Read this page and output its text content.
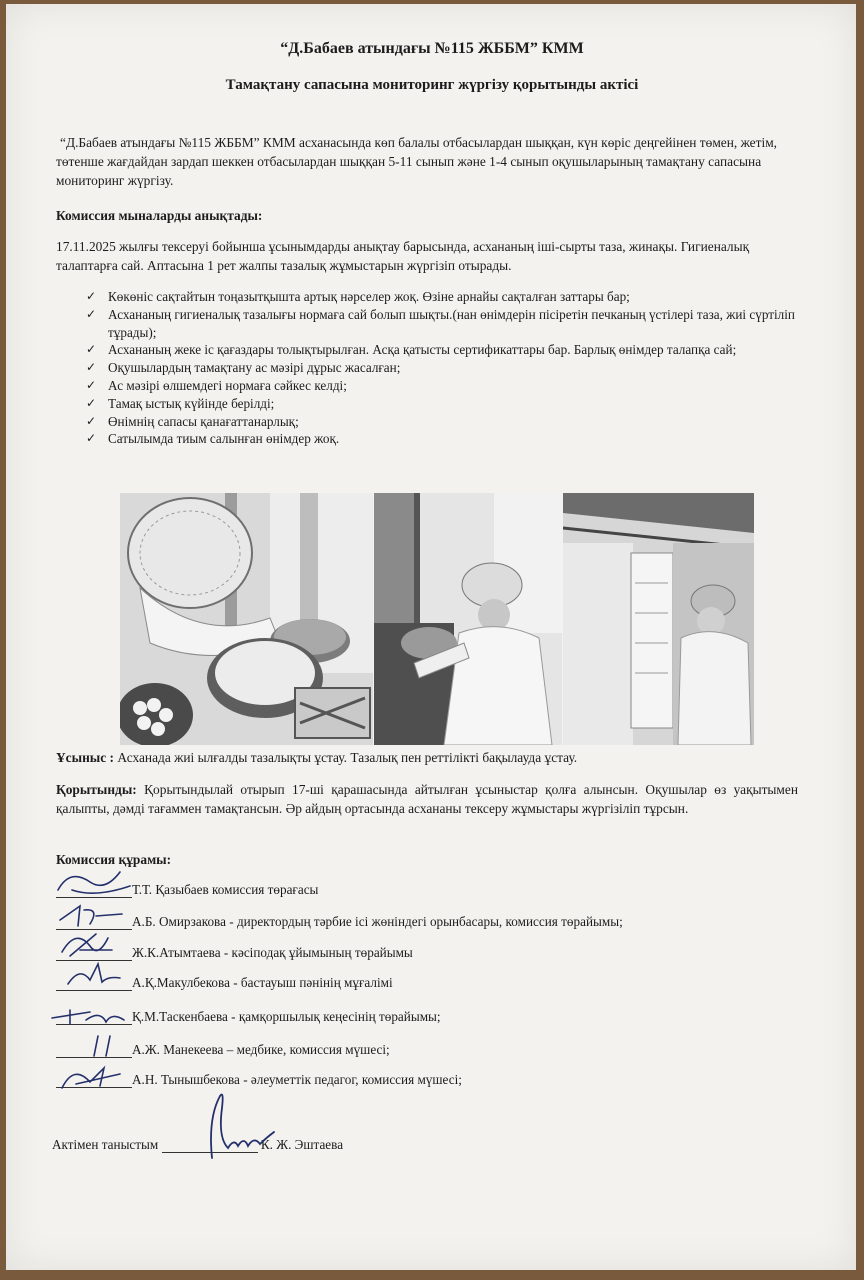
“Д.Бабаев атындағы №115 ЖББМ” КММ
Тамақтану сапасына мониторинг жүргізу қорытынды актісі
“Д.Бабаев атындағы №115 ЖББМ” КММ асханасында көп балалы отбасылардан шыққан, күн көріс деңгейінен төмен, жетім, төтенше жағдайдан зардап шеккен отбасылардан шыққан 5-11 сынып және 1-4 сынып оқушыларының тамақтану сапасына мониторинг жүргізу.
Комиссия мыналарды анықтады:
17.11.2025 жылғы тексеруі бойынша ұсынымдарды анықтау барысында, асхананың іші-сырты таза, жинақы. Гигиеналық талаптарға сай. Аптасына 1 рет жалпы тазалық жұмыстарын жүргізіп отырады.
✓ Көкөніс сақтайтын тоңазытқышта артық нәрселер жоқ. Өзіне арнайы сақталған заттары бар;
✓ Асхананың гигиеналық тазалығы нормаға сай болып шықты.(нан өнімдерін пісіретін печканың үстілері таза, жиі сүртіліп тұрады);
✓ Асхананың жеке іс қағаздары толықтырылған. Асқа қатысты сертификаттары бар. Барлық өнімдер талапқа сай;
✓ Оқушылардың тамақтану ас мәзірі дұрыс жасалған;
✓ Ас мәзірі өлшемдегі нормаға сәйкес келді;
✓ Тамақ ыстық күйінде берілді;
✓ Өнімнің сапасы қанағаттанарлық;
✓ Сатылымда тиым салынған өнімдер жоқ.
Ұсыныс : Асханада жиі ылғалды тазалықты ұстау. Тазалық пен реттілікті бақылауда ұстау.
Қорытынды: Қорытындылай отырып 17-ші қарашасында айтылған ұсыныстар қолға алынсын. Оқушылар өз уақытымен қалыпты, дәмді тағаммен тамақтансын. Әр айдың ортасында асхананы тексеру жұмыстары жүргізіліп тұрсын.
Комиссия құрамы:
Т.Т. Қазыбаев комиссия төрағасы
А.Б. Омирзакова - директордың тәрбие ісі жөніндегі орынбасары, комиссия төрайымы;
Ж.К.Атымтаева - кәсіподақ ұйымының төрайымы
А.Қ.Макулбекова - бастауыш пәнінің мұғалімі
Қ.М.Таскенбаева - қамқоршылық кеңесінің төрайымы;
А.Ж. Манекеева – медбике, комиссия мүшесі;
А.Н. Тынышбекова - әлеуметтік педагог, комиссия мүшесі;
Актімен таныстым	К. Ж. Эштаева
